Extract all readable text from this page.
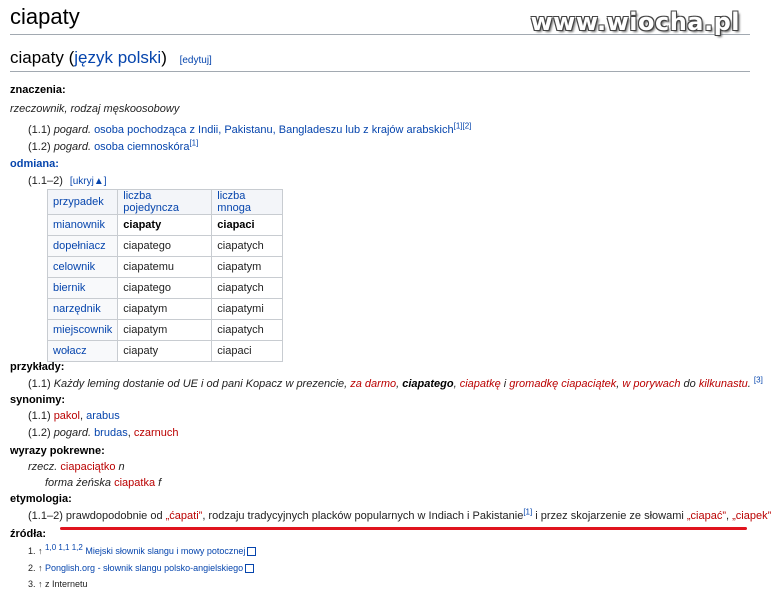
ciapaty	www.wiocha.pl
ciapaty (język polski) [edytuj]
znaczenia:
rzeczownik, rodzaj męskoosobowy
(1.1) pogard. osoba pochodząca z Indii, Pakistanu, Bangladeszu lub z krajów arabskich[1][2]
(1.2) pogard. osoba ciemnoskóra[1]
odmiana:
(1.1–2) [ukryj▲]
przypadek	liczba pojedyncza	liczba mnoga
mianownik	ciapaty	ciapaci
dopełniacz	ciapatego	ciapatych
celownik	ciapatemu	ciapatym
biernik	ciapatego	ciapatych
narzędnik	ciapatym	ciapatymi
miejscownik	ciapatym	ciapatych
wołacz	ciapaty	ciapaci
przykłady:
(1.1) Każdy leming dostanie od UE i od pani Kopacz w prezencie, za darmo, ciapatego, ciapatkę i gromadkę ciapaciątek, w porywach do kilkunastu. [3]
synonimy:
(1.1) pakol, arabus
(1.2) pogard. brudas, czarnuch
wyrazy pokrewne:
rzecz. ciapaciątko n
forma żeńska ciapatka f
etymologia:
(1.1–2) prawdopodobnie od „ćapati”, rodzaju tradycyjnych placków popularnych w Indiach i Pakistanie[1] i przez skojarzenie ze słowami „ciapać”, „ciapek”
źródła:
1. ↑ $^{1,0 1,1 1,2}$ Miejski słownik slangu i mowy potocznej
2. ↑ Ponglish.org - słownik slangu polsko-angielskiego
3. ↑ z Internetu
